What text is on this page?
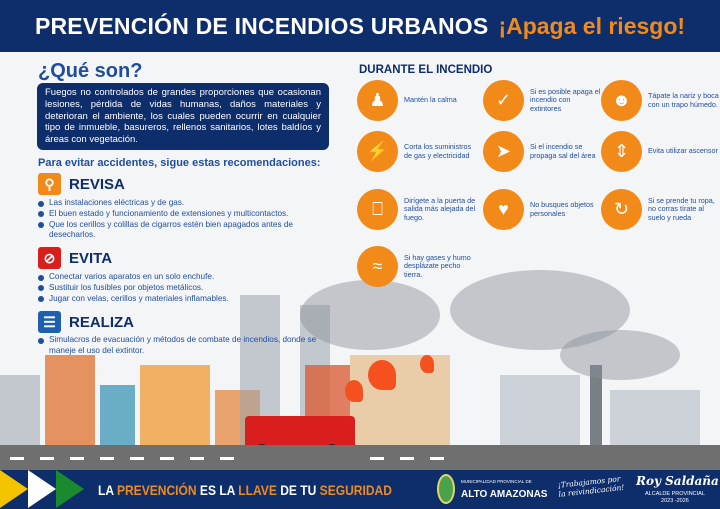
PREVENCIÓN DE INCENDIOS URBANOS ¡Apaga el riesgo!
¿Qué son?
Fuegos no controlados de grandes proporciones que ocasionan lesiones, pérdida de vidas humanas, daños materiales y deterioran el ambiente, los cuales pueden ocurrir en cualquier tipo de inmueble, basureros, rellenos sanitarios, lotes baldíos y áreas con vegetación.
Para evitar accidentes, sigue estas recomendaciones:
⚲ REVISA
Las instalaciones eléctricas y de gas.
El buen estado y funcionamiento de extensiones y multicontactos.
Que los cerillos y colillas de cigarros estén bien apagados antes de desecharlos.
⊘ EVITA
Conectar varios aparatos en un solo enchufe.
Sustituir los fusibles por objetos metálicos.
Jugar con velas, cerillos y materiales inflamables.
☰ REALIZA
Simulacros de evacuación y métodos de combate de incendios, donde se maneje el uso del extintor.
DURANTE EL INCENDIO
♟	Mantén la calma	✓	Si es posible apaga el incendio con extintores	☻	Tápate la nariz y boca con un trapo húmedo.
⚡	Corta los suministros de gas y electricidad	➤	Si el incendio se propaga sal del área	⇕	Evita utilizar ascensor
⎕	Dirígete a la puerta de salida más alejada del fuego.	♥	No busques objetos personales	↻	Si se prende tu ropa, no corras tírate al suelo y rueda
≈	Si hay gases y humo desplázate pecho tierra.
LA PREVENCIÓN ES LA LLAVE DE TU SEGURIDAD
MUNICIPALIDAD PROVINCIAL DE
ALTO AMAZONAS
¡Trabajamos por la reivindicación!
Roy Saldaña
ALCALDE PROVINCIAL
2023 -2026
